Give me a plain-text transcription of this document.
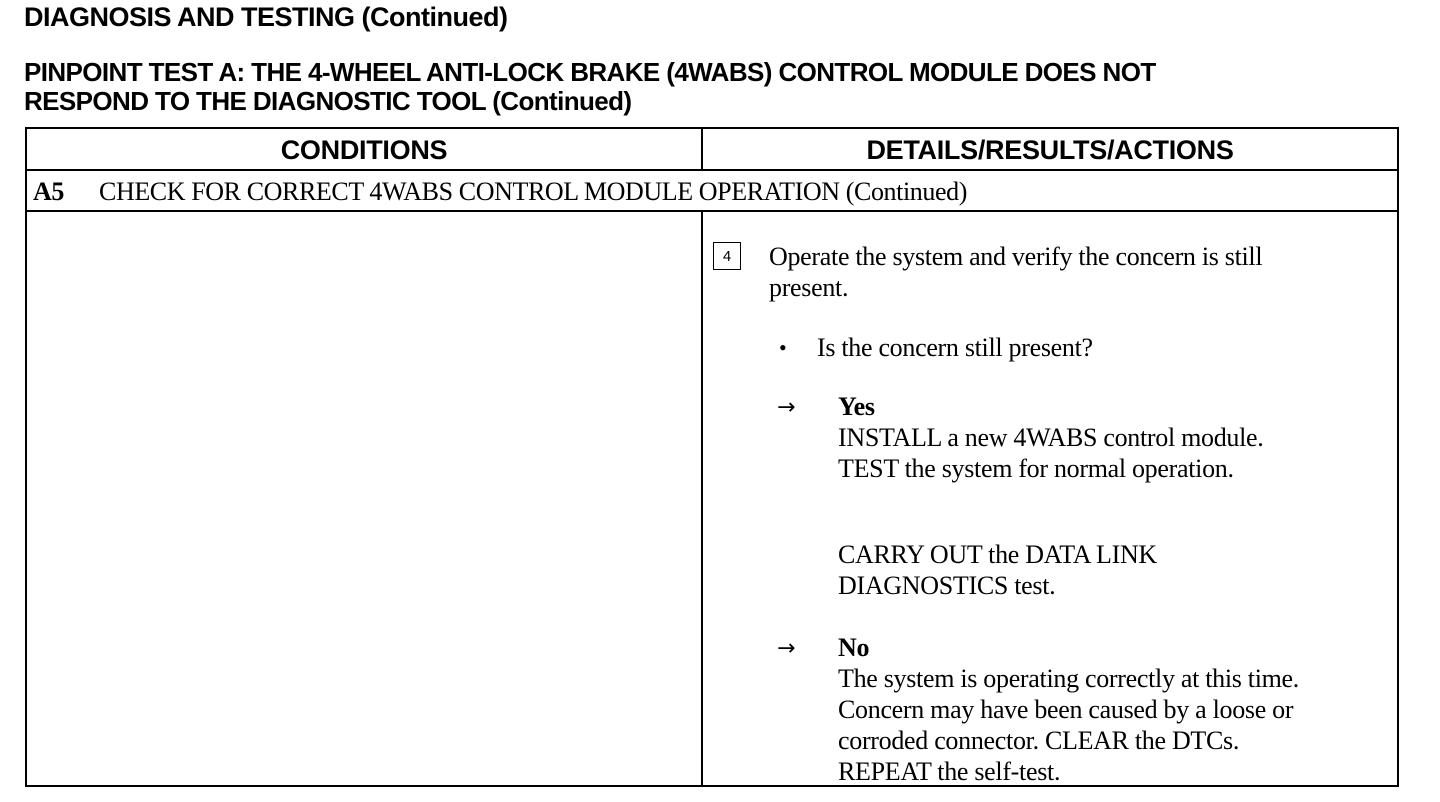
DIAGNOSIS AND TESTING (Continued)
PINPOINT TEST A: THE 4-WHEEL ANTI-LOCK BRAKE (4WABS) CONTROL MODULE DOES NOT
RESPOND TO THE DIAGNOSTIC TOOL (Continued)
CONDITIONS	DETAILS/RESULTS/ACTIONS
A5	CHECK FOR CORRECT 4WABS CONTROL MODULE OPERATION (Continued)
4	Operate the system and verify the concern is still
present.
• Is the concern still present?
→ Yes
INSTALL a new 4WABS control module.
TEST the system for normal operation.
CARRY OUT the DATA LINK
DIAGNOSTICS test.
→ No
The system is operating correctly at this time.
Concern may have been caused by a loose or
corroded connector. CLEAR the DTCs.
REPEAT the self-test.
